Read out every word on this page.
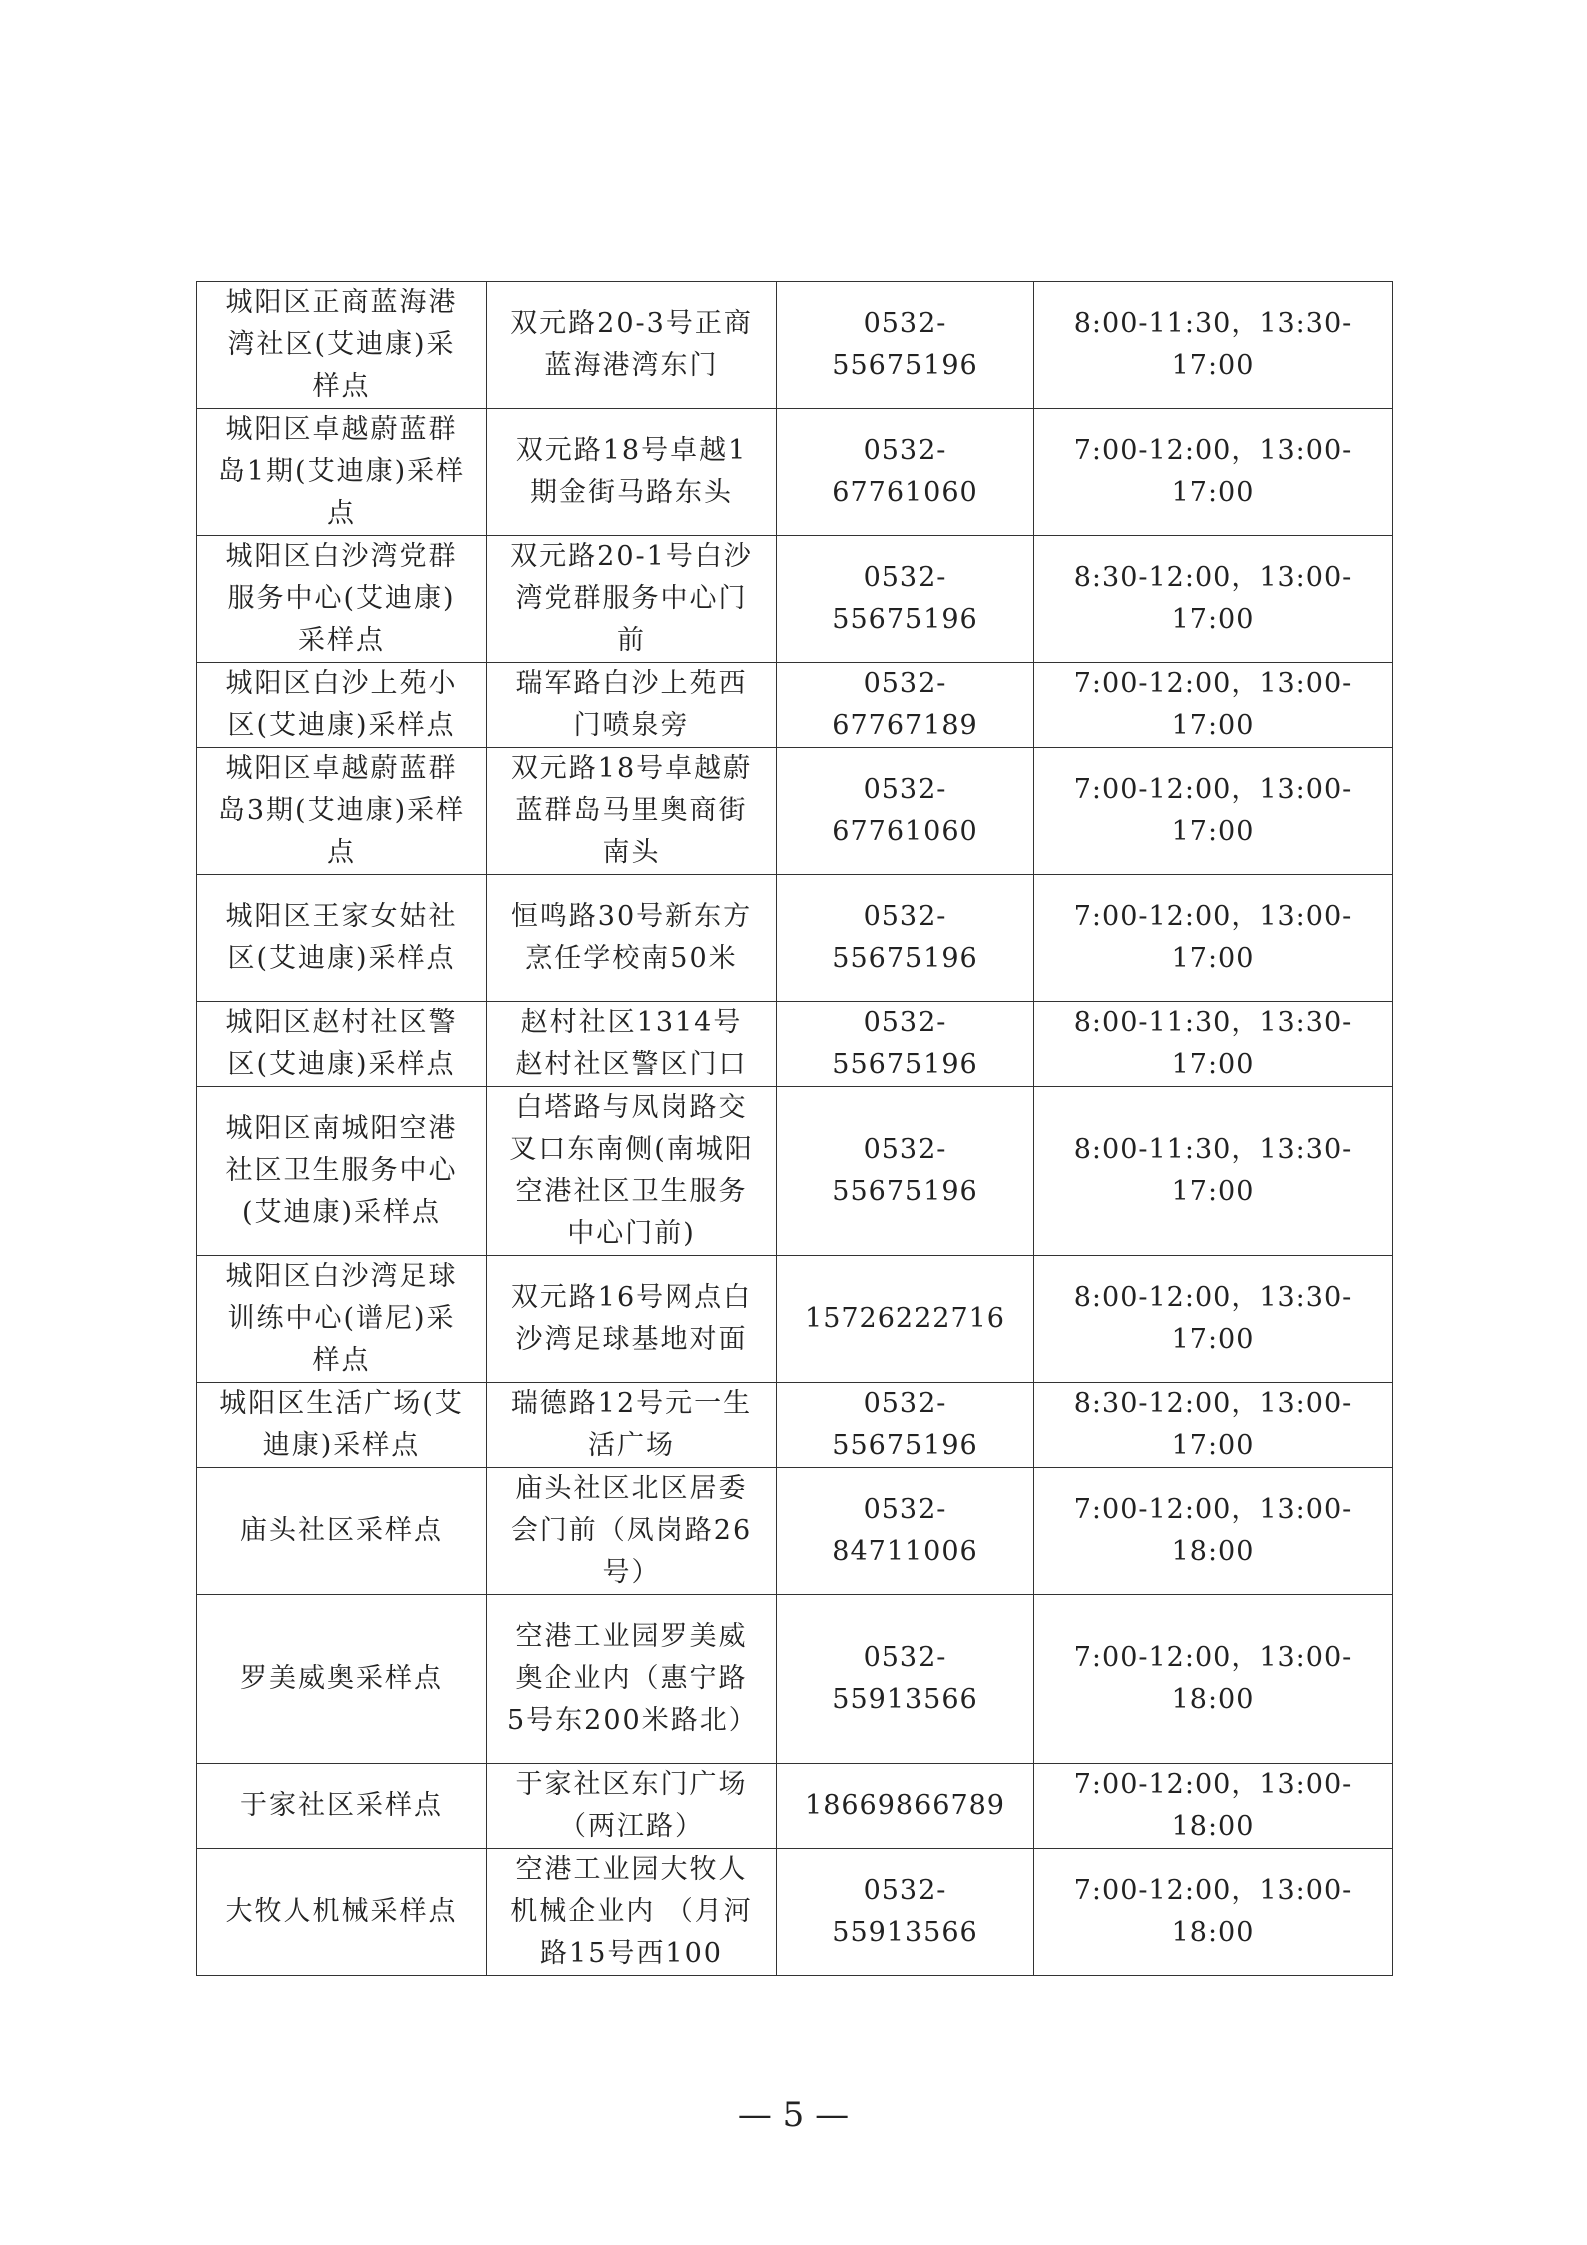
城阳区正商蓝海港湾社区(艾迪康)采样点	双元路20-3号正商蓝海港湾东门	0532-55675196	8:00-11:30，13:30-17:00
城阳区卓越蔚蓝群岛1期(艾迪康)采样点	双元路18号卓越1期金街马路东头	0532-67761060	7:00-12:00，13:00-17:00
城阳区白沙湾党群服务中心(艾迪康)采样点	双元路20-1号白沙湾党群服务中心门前	0532-55675196	8:30-12:00，13:00-17:00
城阳区白沙上苑小区(艾迪康)采样点	瑞军路白沙上苑西门喷泉旁	0532-67767189	7:00-12:00，13:00-17:00
城阳区卓越蔚蓝群岛3期(艾迪康)采样点	双元路18号卓越蔚蓝群岛马里奥商街南头	0532-67761060	7:00-12:00，13:00-17:00
城阳区王家女姑社区(艾迪康)采样点	恒鸣路30号新东方烹任学校南50米	0532-55675196	7:00-12:00，13:00-17:00
城阳区赵村社区警区(艾迪康)采样点	赵村社区1314号赵村社区警区门口	0532-55675196	8:00-11:30，13:30-17:00
城阳区南城阳空港社区卫生服务中心(艾迪康)采样点	白塔路与凤岗路交叉口东南侧(南城阳空港社区卫生服务中心门前)	0532-55675196	8:00-11:30，13:30-17:00
城阳区白沙湾足球训练中心(谱尼)采样点	双元路16号网点白沙湾足球基地对面	15726222716	8:00-12:00，13:30-17:00
城阳区生活广场(艾迪康)采样点	瑞德路12号元一生活广场	0532-55675196	8:30-12:00，13:00-17:00
庙头社区采样点	庙头社区北区居委会门前（凤岗路26号）	0532-84711006	7:00-12:00，13:00-18:00
罗美威奥采样点	空港工业园罗美威奥企业内（惠宁路5号东200米路北）	0532-55913566	7:00-12:00，13:00-18:00
于家社区采样点	于家社区东门广场（两江路）	18669866789	7:00-12:00，13:00-18:00
大牧人机械采样点	空港工业园大牧人机械企业内 （月河路15号西100	0532-55913566	7:00-12:00，13:00-18:00
— 5 —
